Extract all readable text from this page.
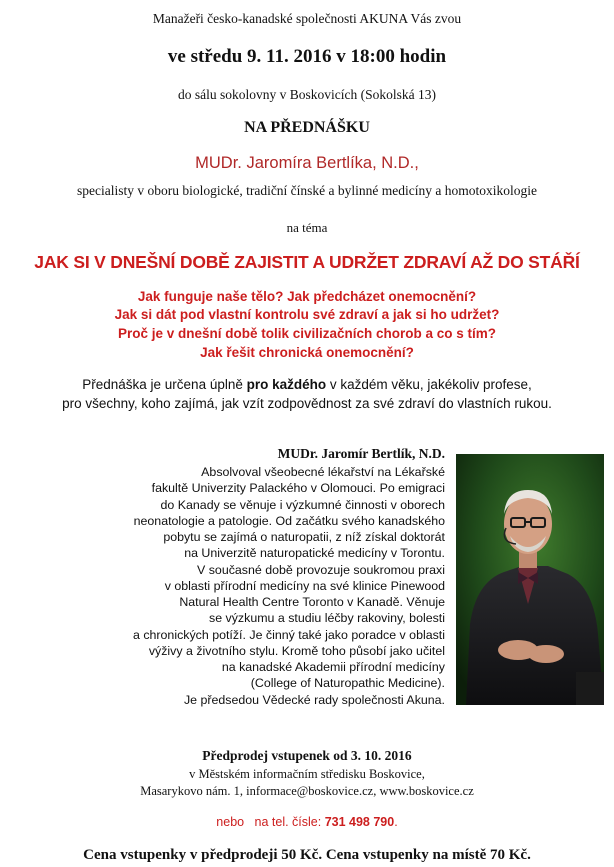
Manažeři česko-kanadské společnosti AKUNA Vás zvou
ve středu 9. 11. 2016 v 18:00 hodin
do sálu sokolovny v Boskovicích (Sokolská 13)
NA PŘEDNÁŠKU
MUDr. Jaromíra Bertlíka, N.D.,
specialisty v oboru biologické, tradiční čínské a bylinné medicíny a homotoxikologie
na téma
JAK SI V DNEŠNÍ DOBĚ ZAJISTIT A UDRŽET ZDRAVÍ AŽ DO STÁŘÍ
Jak funguje naše tělo? Jak předcházet onemocnění?
Jak si dát pod vlastní kontrolu své zdraví a jak si ho udržet?
Proč je v dnešní době tolik civilizačních chorob a co s tím?
Jak řešit chronická onemocnění?
Přednáška je určena úplně pro každého v každém věku, jakékoliv profese,
pro všechny, koho zajímá, jak vzít zodpovědnost za své zdraví do vlastních rukou.
MUDr. Jaromír Bertlík, N.D.
Absolvoval všeobecné lékařství na Lékařské
fakultě Univerzity Palackého v Olomouci. Po emigraci
do Kanady se věnuje i výzkumné činnosti v oborech
neonatologie a patologie. Od začátku svého kanadského
pobytu se zajímá o naturopatii, z níž získal doktorát
na Univerzitě naturopatické medicíny v Torontu.
V současné době provozuje soukromou praxi
v oblasti přírodní medicíny na své klinice Pinewood
Natural Health Centre Toronto v Kanadě. Věnuje
se výzkumu a studiu léčby rakoviny, bolesti
a chronických potíží. Je činný také jako poradce v oblasti
výživy a životního stylu. Kromě toho působí jako učitel
na kanadské Akademii přírodní medicíny
(College of Naturopathic Medicine).
Je předsedou Vědecké rady společnosti Akuna.
Předprodej vstupenek od 3. 10. 2016
v Městském informačním středisku Boskovice,
Masarykovo nám. 1, informace@boskovice.cz, www.boskovice.cz
nebo   na tel. čísle: 731 498 790.
Cena vstupenky v předprodeji 50 Kč. Cena vstupenky na místě 70 Kč.
